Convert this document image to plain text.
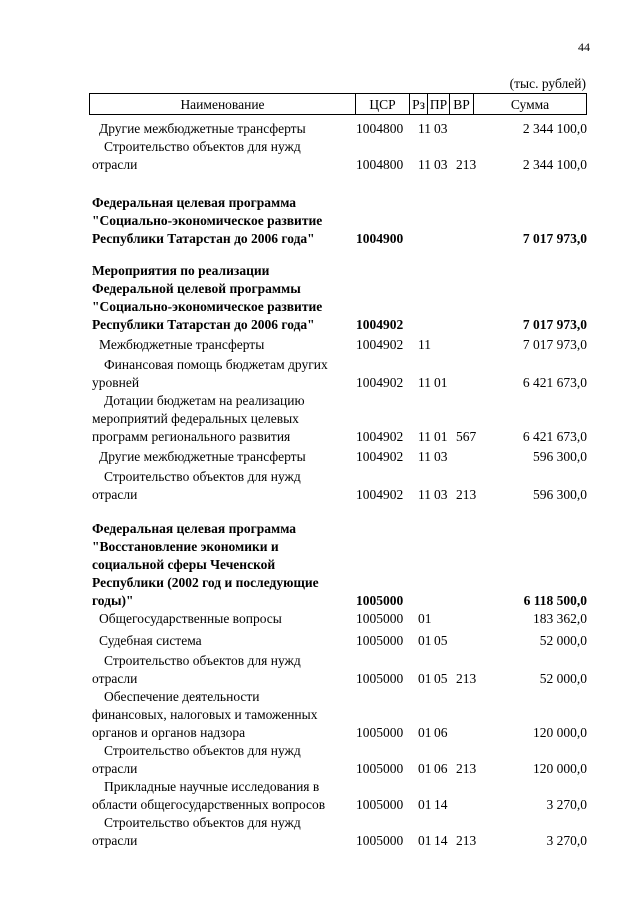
44
(тыс. рублей)
Наименование	ЦСР	Рз ПР ВР	Сумма
Другие межбюджетные трансферты	1004800 11 03	2 344 100,0
Строительство объектов для нужд
отрасли	1004800 11 03 213	2 344 100,0
Федеральная целевая программа
"Социально-экономическое развитие
Республики Татарстан до 2006 года"	1004900	7 017 973,0
Мероприятия по реализации
Федеральной целевой программы
"Социально-экономическое развитие
Республики Татарстан до 2006 года"	1004902	7 017 973,0
Межбюджетные трансферты	1004902 11	7 017 973,0
Финансовая помощь бюджетам других
уровней	1004902 11 01	6 421 673,0
Дотации бюджетам на реализацию
мероприятий федеральных целевых
программ регионального развития	1004902 11 01 567	6 421 673,0
Другие межбюджетные трансферты	1004902 11 03	596 300,0
Строительство объектов для нужд
отрасли	1004902 11 03 213	596 300,0
Федеральная целевая программа
"Восстановление экономики и
социальной сферы Чеченской
Республики (2002 год и последующие
годы)"	1005000	6 118 500,0
Общегосударственные вопросы	1005000 01	183 362,0
Судебная система	1005000 01 05	52 000,0
Строительство объектов для нужд
отрасли	1005000 01 05 213	52 000,0
Обеспечение деятельности
финансовых, налоговых и таможенных
органов и органов надзора	1005000 01 06	120 000,0
Строительство объектов для нужд
отрасли	1005000 01 06 213	120 000,0
Прикладные научные исследования в
области общегосударственных вопросов	1005000 01 14	3 270,0
Строительство объектов для нужд
отрасли	1005000 01 14 213	3 270,0
